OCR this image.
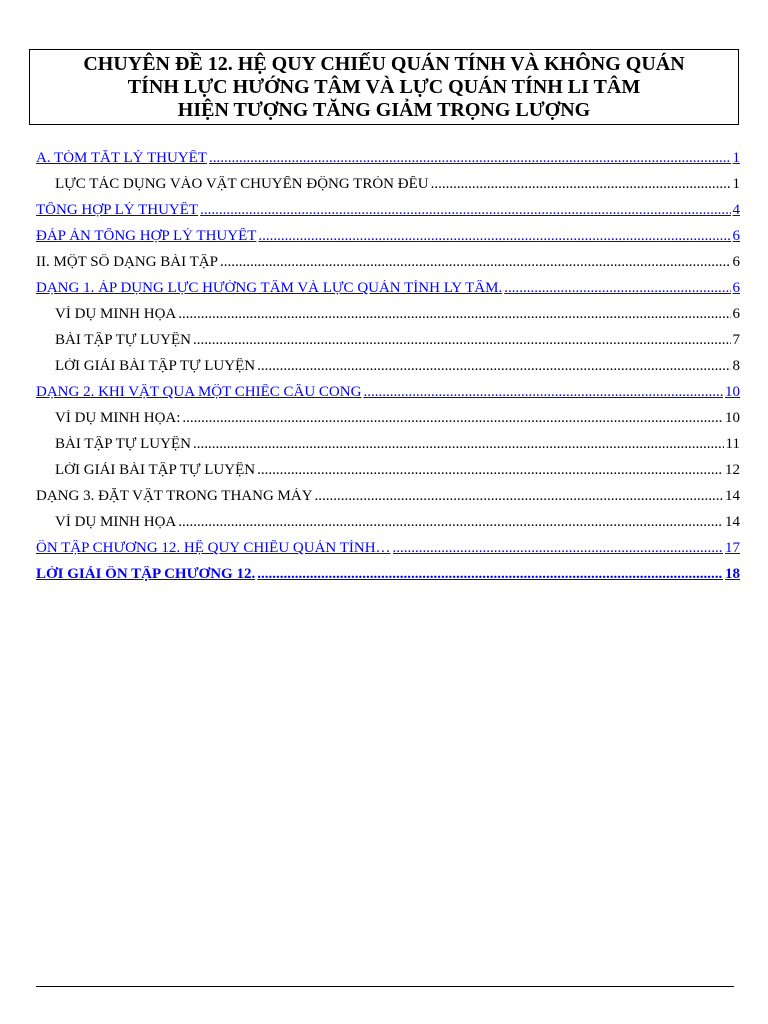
CHUYÊN ĐỀ 12. HỆ QUY CHIẾU QUÁN TÍNH VÀ KHÔNG QUÁN
TÍNH LỰC HƯỚNG TÂM VÀ LỰC QUÁN TÍNH LI TÂM
HIỆN TƯỢNG TĂNG GIẢM TRỌNG LƯỢNG
A. TÓM TẮT LÝ THUYẾT .....	1
LỰC TÁC DỤNG VÀO VẬT CHUYỂN ĐỘNG TRÒN ĐỀU .....	1
TỔNG HỢP LÝ THUYẾT .....	4
ĐÁP ÁN TỔNG HỢP LÝ THUYẾT .....	6
II. MỘT SỐ DẠNG BÀI TẬP .....	6
DẠNG 1. ÁP DỤNG LỰC HƯỚNG TÂM VÀ LỰC QUÁN TÍNH LY TÂM. .....	6
VÍ DỤ MINH HỌA .....	6
BÀI TẬP TỰ LUYỆN .....	7
LỜI GIẢI BÀI TẬP TỰ LUYỆN .....	8
DẠNG 2. KHI VẬT QUA MỘT CHIẾC CẦU CONG .....	10
VÍ DỤ MINH HỌA: .....	10
BÀI TẬP TỰ LUYỆN .....	11
LỜI GIẢI BÀI TẬP TỰ LUYỆN .....	12
DẠNG 3. ĐẶT VẬT TRONG THANG MÁY .....	14
VÍ DỤ MINH HỌA .....	14
ÔN TẬP CHƯƠNG 12. HỆ QUY CHIẾU QUÁN TÍNH… .....	17
LỜI GIẢI ÔN TẬP CHƯƠNG 12. .....	18
